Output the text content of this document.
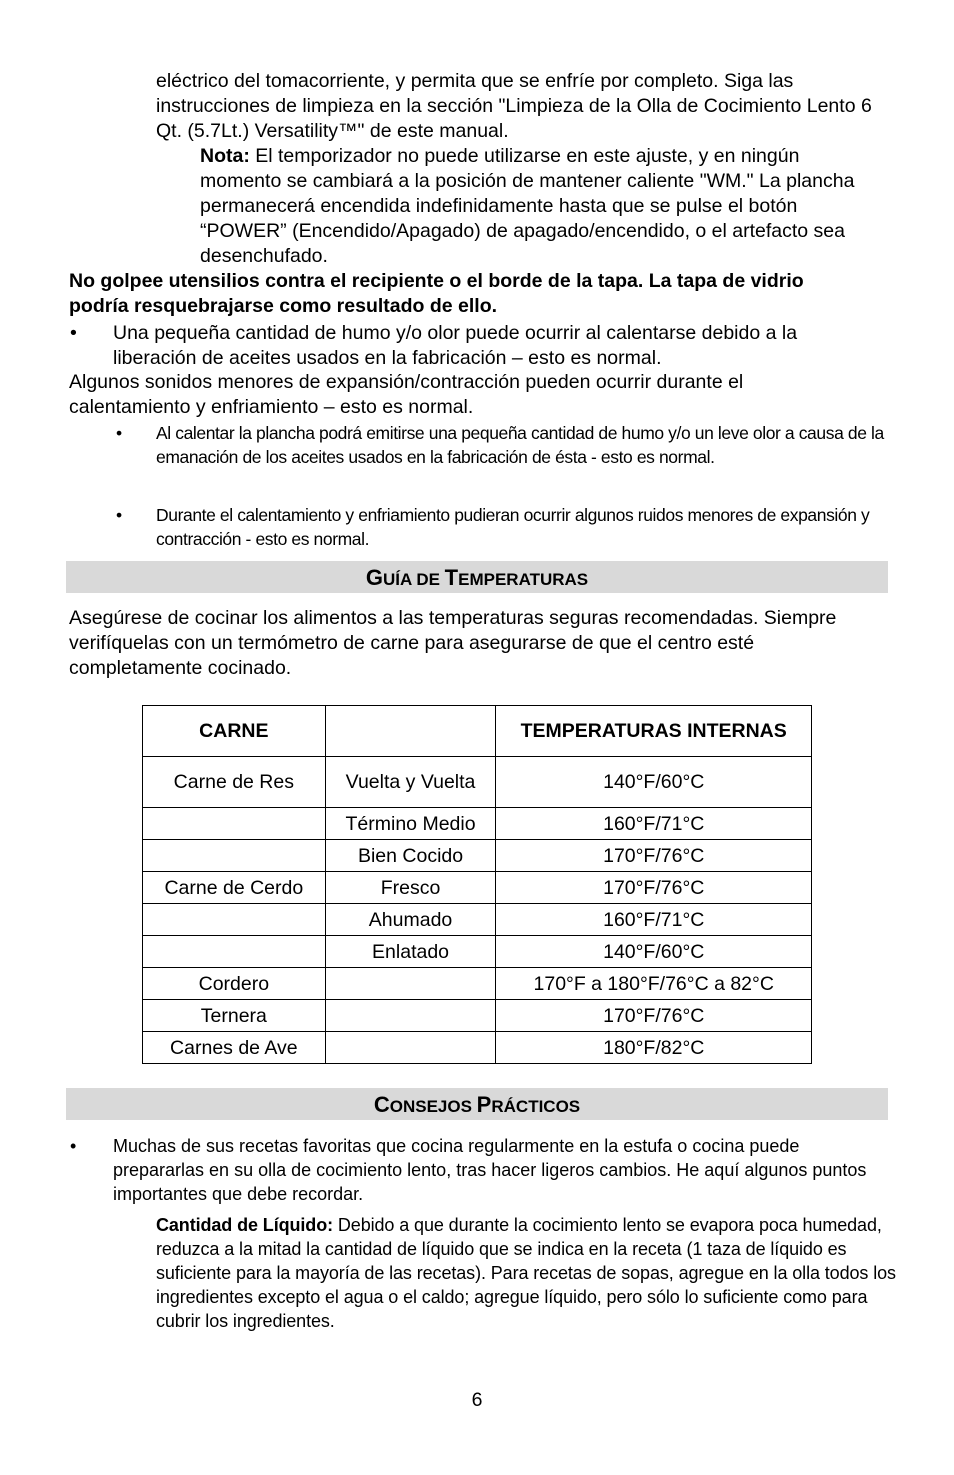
eléctrico del tomacorriente, y permita que se enfríe por completo. Siga las instrucciones de limpieza en la sección "Limpieza de la Olla de Cocimiento Lento 6 Qt. (5.7Lt.) Versatility™" de este manual.
Nota: El temporizador no puede utilizarse en este ajuste, y en ningún momento se cambiará a la posición de mantener caliente "WM." La plancha permanecerá encendida indefinidamente hasta que se pulse el botón “POWER” (Encendido/Apagado) de apagado/encendido, o el artefacto sea desenchufado.
No golpee utensilios contra el recipiente o el borde de la tapa. La tapa de vidrio podría resquebrajarse como resultado de ello.
• Una pequeña cantidad de humo y/o olor puede ocurrir al calentarse debido a la liberación de aceites usados en la fabricación – esto es normal.
Algunos sonidos menores de expansión/contracción pueden ocurrir durante el calentamiento y enfriamiento – esto es normal.
• Al calentar la plancha podrá emitirse una pequeña cantidad de humo y/o un leve olor a causa de la emanación de los aceites usados en la fabricación de ésta - esto es normal.
• Durante el calentamiento y enfriamiento pudieran ocurrir algunos ruidos menores de expansión y contracción - esto es normal.
GUÍA DE TEMPERATURAS
Asegúrese de cocinar los alimentos a las temperaturas seguras recomendadas. Siempre verifíquelas con un termómetro de carne para asegurarse de que el centro esté completamente cocinado.
CARNE		TEMPERATURAS INTERNAS
Carne de Res	Vuelta y Vuelta	140°F/60°C
	Término Medio	160°F/71°C
	Bien Cocido	170°F/76°C
Carne de Cerdo	Fresco	170°F/76°C
	Ahumado	160°F/71°C
	Enlatado	140°F/60°C
Cordero		170°F a 180°F/76°C a 82°C
Ternera		170°F/76°C
Carnes de Ave		180°F/82°C
CONSEJOS PRÁCTICOS
• Muchas de sus recetas favoritas que cocina regularmente en la estufa o cocina puede prepararlas en su olla de cocimiento lento, tras hacer ligeros cambios. He aquí algunos puntos importantes que debe recordar.
Cantidad de Líquido: Debido a que durante la cocimiento lento se evapora poca humedad, reduzca a la mitad la cantidad de líquido que se indica en la receta (1 taza de líquido es suficiente para la mayoría de las recetas). Para recetas de sopas, agregue en la olla todos los ingredientes excepto el agua o el caldo; agregue líquido, pero sólo lo suficiente como para cubrir los ingredientes.
6
